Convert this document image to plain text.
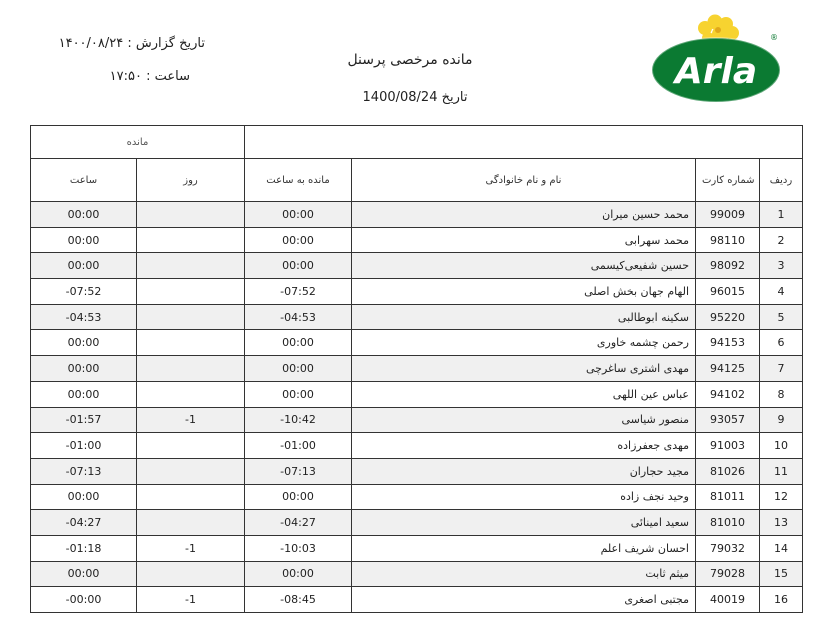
تاریخ گزارش : ۱۴۰۰/۰۸/۲۴
ساعت : ۱۷:۵۰
مانده مرخصی پرسنل
تاریخ 1400/08/24
Arla
®
مانده					
ساعت	روز	مانده به ساعت	نام و نام خانوادگی	شماره کارت	ردیف
00:00		00:00	محمد حسین میران	99009	1
00:00		00:00	محمد سهرابی	98110	2
00:00		00:00	حسین شفیعی‌کیسمی	98092	3
-07:52		-07:52	الهام جهان بخش اصلی	96015	4
-04:53		-04:53	سکینه ابوطالبی	95220	5
00:00		00:00	رحمن چشمه خاوری	94153	6
00:00		00:00	مهدی اشتری ساغرچی	94125	7
00:00		00:00	عباس عین اللهی	94102	8
-01:57	-1	-10:42	منصور شیاسی	93057	9
-01:00		-01:00	مهدی جعفرزاده	91003	10
-07:13		-07:13	مجید حجاران	81026	11
00:00		00:00	وحید نجف زاده	81011	12
-04:27		-04:27	سعید امینائی	81010	13
-01:18	-1	-10:03	احسان شریف اعلم	79032	14
00:00		00:00	میثم ثابت	79028	15
-00:00	-1	-08:45	مجتبی اصغری	40019	16
